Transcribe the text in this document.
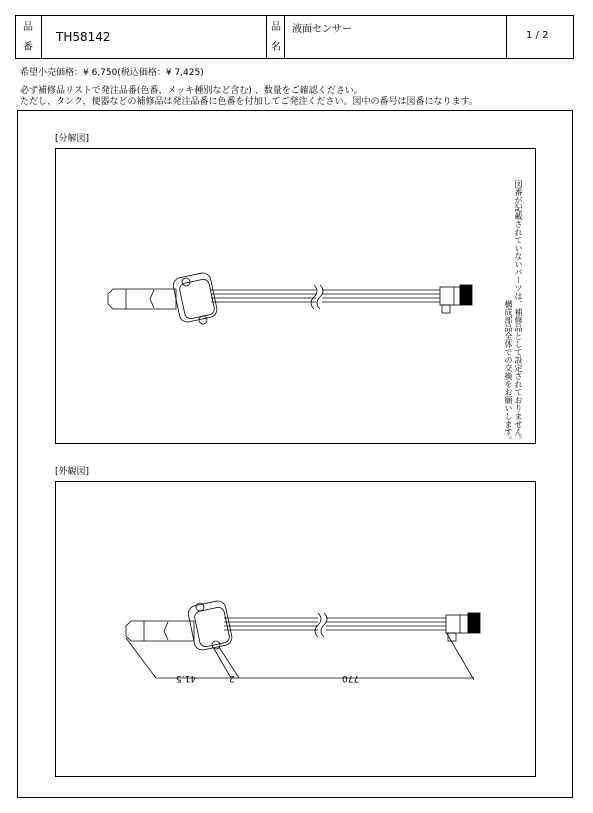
品
番
TH58142
品
名
液面センサー
1 / 2
希望小売価格：¥ 6,750(税込価格：¥ 7,425)
必ず補修品リストで発注品番(色番、メッキ種別など含む) 、数量をご確認ください。
ただし、タンク、便器などの補修品は発注品番に色番を付加してご発注ください。図中の番号は図番になります。
[分解図]
図番が記載されていないパーツは、補修品として設定されておりません。
構成部品全体での交換をお願いします。
[外観図]
41.5	2	770
